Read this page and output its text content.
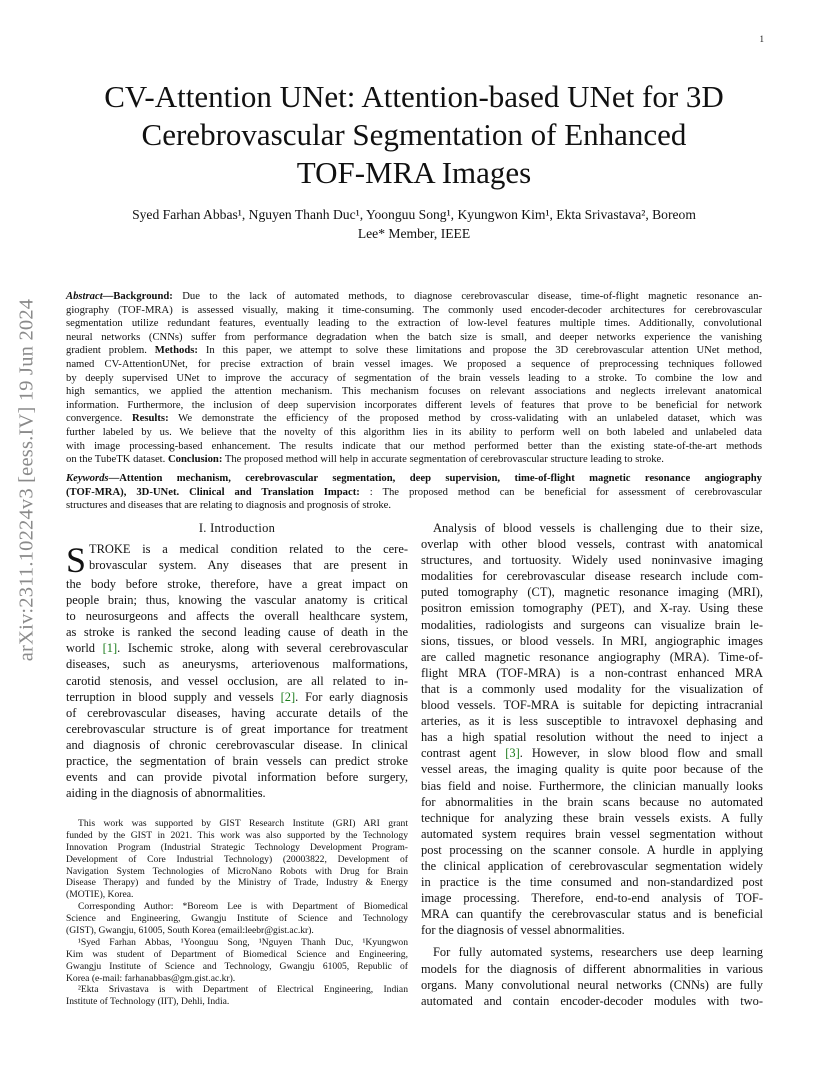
1
arXiv:2311.10224v3 [eess.IV] 19 Jun 2024
CV-Attention UNet: Attention-based UNet for 3D
Cerebrovascular Segmentation of Enhanced
TOF-MRA Images
Syed Farhan Abbas¹, Nguyen Thanh Duc¹, Yoonguu Song¹, Kyungwon Kim¹, Ekta Srivastava², Boreom
Lee* Member, IEEE
Abstract—Background: Due to the lack of automated methods, to diagnose cerebrovascular disease, time-of-flight magnetic resonance an-
giography (TOF-MRA) is assessed visually, making it time-consuming. The commonly used encoder-decoder architectures for cerebrovascular
segmentation utilize redundant features, eventually leading to the extraction of low-level features multiple times. Additionally, convolutional
neural networks (CNNs) suffer from performance degradation when the batch size is small, and deeper networks experience the vanishing
gradient problem. Methods: In this paper, we attempt to solve these limitations and propose the 3D cerebrovascular attention UNet method,
named CV-AttentionUNet, for precise extraction of brain vessel images. We proposed a sequence of preprocessing techniques followed
by deeply supervised UNet to improve the accuracy of segmentation of the brain vessels leading to a stroke. To combine the low and
high semantics, we applied the attention mechanism. This mechanism focuses on relevant associations and neglects irrelevant anatomical
information. Furthermore, the inclusion of deep supervision incorporates different levels of features that prove to be beneficial for network
convergence. Results: We demonstrate the efficiency of the proposed method by cross-validating with an unlabeled dataset, which was
further labeled by us. We believe that the novelty of this algorithm lies in its ability to perform well on both labeled and unlabeled data
with image processing-based enhancement. The results indicate that our method performed better than the existing state-of-the-art methods
on the TubeTK dataset. Conclusion: The proposed method will help in accurate segmentation of cerebrovascular structure leading to stroke.
Keywords—Attention mechanism, cerebrovascular segmentation, deep supervision, time-of-flight magnetic resonance angiography
(TOF-MRA), 3D-UNet. Clinical and Translation Impact: : The proposed method can be beneficial for assessment of cerebrovascular
structures and diseases that are relating to diagnosis and prognosis of stroke.
I. Introduction
S TROKE is a medical condition related to the cere-
brovascular system. Any diseases that are present in
the body before stroke, therefore, have a great impact on
people brain; thus, knowing the vascular anatomy is critical
to neurosurgeons and affects the overall healthcare system,
as stroke is ranked the second leading cause of death in the
world [1]. Ischemic stroke, along with several cerebrovascular
diseases, such as aneurysms, arteriovenous malformations,
carotid stenosis, and vessel occlusion, are all related to in-
terruption in blood supply and vessels [2]. For early diagnosis
of cerebrovascular diseases, having accurate details of the
cerebrovascular structure is of great importance for treatment
and diagnosis of chronic cerebrovascular disease. In clinical
practice, the segmentation of brain vessels can predict stroke
events and can provide pivotal information before surgery,
aiding in the diagnosis of abnormalities.
This work was supported by GIST Research Institute (GRI) ARI grant
funded by the GIST in 2021. This work was also supported by the Technology
Innovation Program (Industrial Strategic Technology Development Program-
Development of Core Industrial Technology) (20003822, Development of
Navigation System Technologies of MicroNano Robots with Drug for Brain
Disease Therapy) and funded by the Ministry of Trade, Industry & Energy
(MOTIE), Korea.
Corresponding Author: *Boreom Lee is with Department of Biomedical
Science and Engineering, Gwangju Institute of Science and Technology
(GIST), Gwangju, 61005, South Korea (email:leebr@gist.ac.kr).
¹Syed Farhan Abbas, ¹Yoonguu Song, ¹Nguyen Thanh Duc, ¹Kyungwon
Kim was student of Department of Biomedical Science and Engineering,
Gwangju Institute of Science and Technology, Gwangju 61005, Republic of
Korea (e-mail: farhanabbas@gm.gist.ac.kr).
²Ekta Srivastava is with Department of Electrical Engineering, Indian
Institute of Technology (IIT), Dehli, India.
Analysis of blood vessels is challenging due to their size,
overlap with other blood vessels, contrast with anatomical
structures, and tortuosity. Widely used noninvasive imaging
modalities for cerebrovascular disease research include com-
puted tomography (CT), magnetic resonance imaging (MRI),
positron emission tomography (PET), and X-ray. Using these
modalities, radiologists and surgeons can visualize brain le-
sions, tissues, or blood vessels. In MRI, angiographic images
are called magnetic resonance angiography (MRA). Time-of-
flight MRA (TOF-MRA) is a non-contrast enhanced MRA
that is a commonly used modality for the visualization of
blood vessels. TOF-MRA is suitable for depicting intracranial
arteries, as it is less susceptible to intravoxel dephasing and
has a high spatial resolution without the need to inject a
contrast agent [3]. However, in slow blood flow and small
vessel areas, the imaging quality is quite poor because of the
bias field and noise. Furthermore, the clinician manually looks
for abnormalities in the brain scans because no automated
technique for analyzing these brain vessels exists. A fully
automated system requires brain vessel segmentation without
post processing on the scanner console. A hurdle in applying
the clinical application of cerebrovascular segmentation widely
in practice is the time consumed and non-standardized post
image processing. Therefore, end-to-end analysis of TOF-
MRA can quantify the cerebrovascular status and is beneficial
for the diagnosis of vessel abnormalities.
For fully automated systems, researchers use deep learning
models for the diagnosis of different abnormalities in various
organs. Many convolutional neural networks (CNNs) are fully
automated and contain encoder-decoder modules with two-
